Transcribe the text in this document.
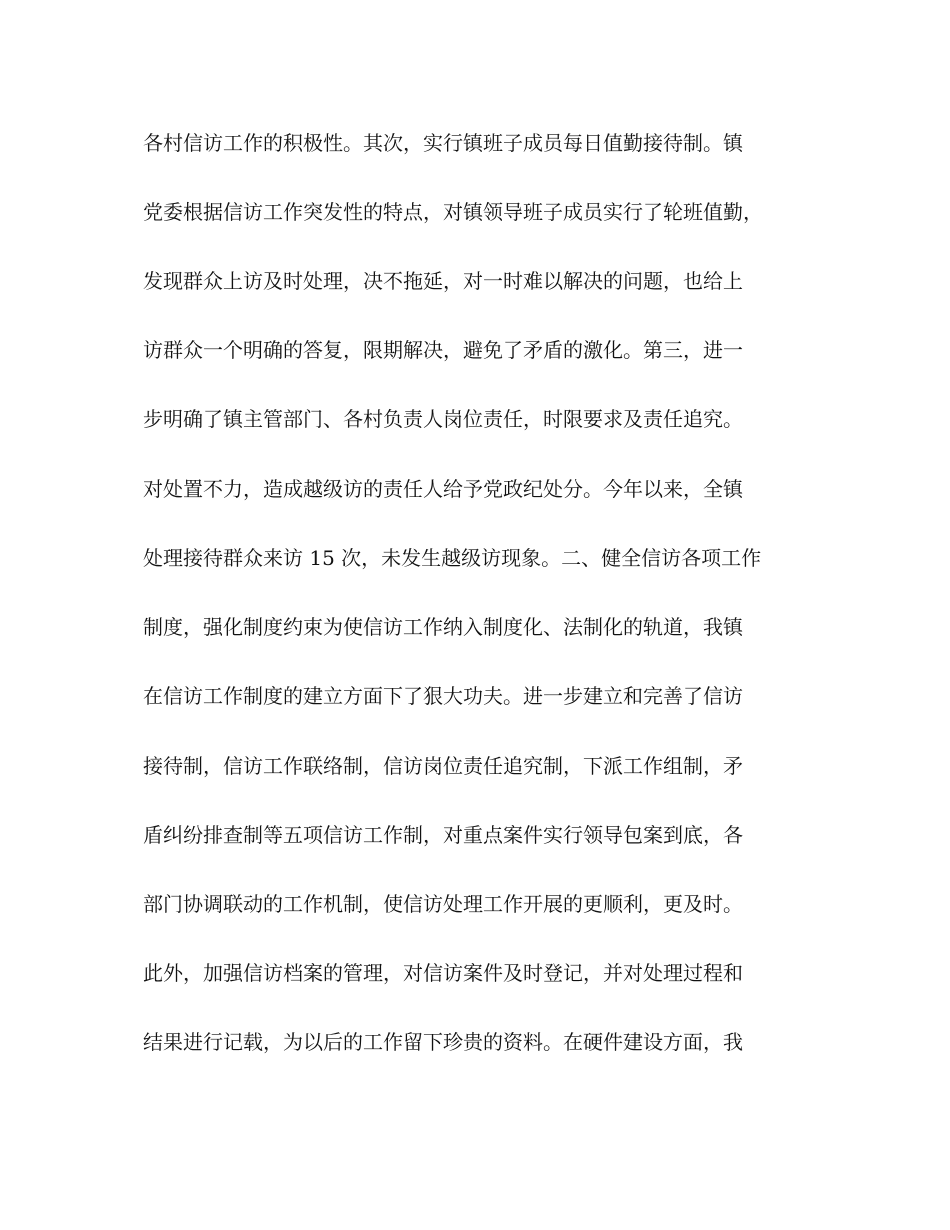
各村信访工作的积极性。其次，实行镇班子成员每日值勤接待制。镇

党委根据信访工作突发性的特点，对镇领导班子成员实行了轮班值勤，

发现群众上访及时处理，决不拖延，对一时难以解决的问题，也给上

访群众一个明确的答复，限期解决，避免了矛盾的激化。第三，进一

步明确了镇主管部门、各村负责人岗位责任，时限要求及责任追究。

对处置不力，造成越级访的责任人给予党政纪处分。今年以来，全镇

处理接待群众来访 15 次，未发生越级访现象。二、健全信访各项工作

制度，强化制度约束为使信访工作纳入制度化、法制化的轨道，我镇

在信访工作制度的建立方面下了狠大功夫。进一步建立和完善了信访

接待制，信访工作联络制，信访岗位责任追究制，下派工作组制，矛

盾纠纷排查制等五项信访工作制，对重点案件实行领导包案到底，各

部门协调联动的工作机制，使信访处理工作开展的更顺利，更及时。

此外，加强信访档案的管理，对信访案件及时登记，并对处理过程和

结果进行记载，为以后的工作留下珍贵的资料。在硬件建设方面，我
